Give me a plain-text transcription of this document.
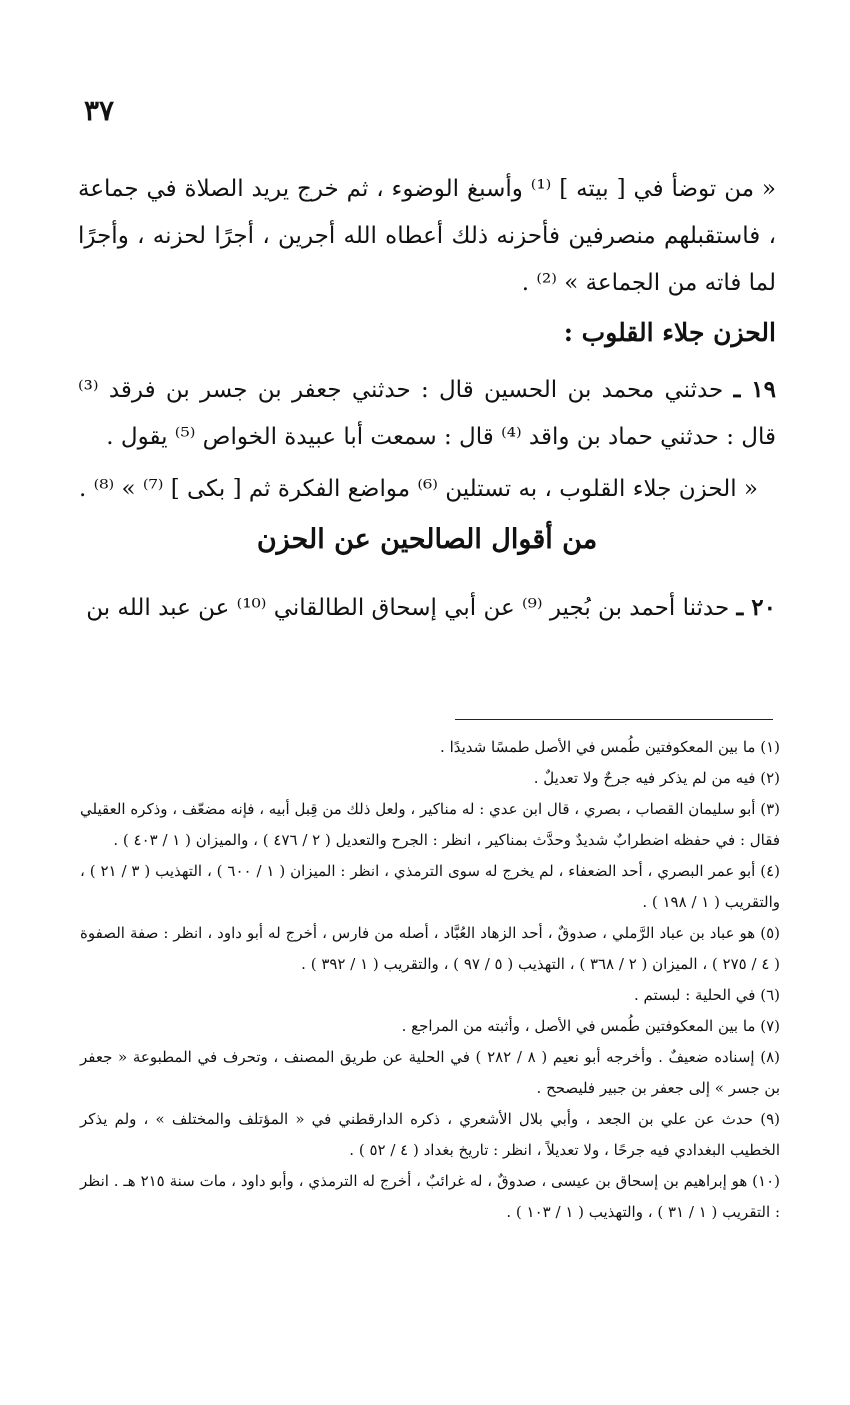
٣٧

« من توضأ في [ بيته ] ⁽¹⁾ وأسبغ الوضوء ، ثم خرج يريد الصلاة في جماعة ، فاستقبلهم منصرفين فأحزنه ذلك أعطاه الله أجرين ، أجرًا لحزنه ، وأجرًا لما فاته من الجماعة » ⁽²⁾ .

الحزن جلاء القلوب :

١٩ ـ حدثني محمد بن الحسين قال : حدثني جعفر بن جسر بن فرقد ⁽³⁾ قال : حدثني حماد بن واقد ⁽⁴⁾ قال : سمعت أبا عبيدة الخواص ⁽⁵⁾ يقول .

« الحزن جلاء القلوب ، به تستلين ⁽⁶⁾ مواضع الفكرة ثم [ بكى ] ⁽⁷⁾ » ⁽⁸⁾ .

من أقوال الصالحين عن الحزن

٢٠ ـ حدثنا أحمد بن بُجير ⁽⁹⁾ عن أبي إسحاق الطالقاني ⁽¹⁰⁾ عن عبد الله بن

(١) ما بين المعكوفتين طُمس في الأصل طمسًا شديدًا .

(٢) فيه من لم يذكر فيه جرحٌ ولا تعديلٌ .

(٣) أبو سليمان القصاب ، بصري ، قال ابن عدي : له مناكير ، ولعل ذلك من قِبل أبيه ، فإنه مضعّف ، وذكره العقيلي فقال : في حفظه اضطرابٌ شديدٌ وحدَّث بمناكير ، انظر : الجرح والتعديل ( ٢ / ٤٧٦ ) ، والميزان ( ١ / ٤٠٣ ) .

(٤) أبو عمر البصري ، أحد الضعفاء ، لم يخرج له سوى الترمذي ، انظر : الميزان ( ١ / ٦٠٠ ) ، التهذيب ( ٣ / ٢١ ) ، والتقريب ( ١ / ١٩٨ ) .

(٥) هو عباد بن عباد الرَّملي ، صدوقٌ ، أحد الزهاد العُبَّاد ، أصله من فارس ، أخرج له أبو داود ، انظر : صفة الصفوة ( ٤ / ٢٧٥ ) ، الميزان ( ٢ / ٣٦٨ ) ، التهذيب ( ٥ / ٩٧ ) ، والتقريب ( ١ / ٣٩٢ ) .

(٦) في الحلية : لبستم .

(٧) ما بين المعكوفتين طُمس في الأصل ، وأثبته من المراجع .

(٨) إسناده ضعيفٌ . وأخرجه أبو نعيم ( ٨ / ٢٨٢ ) في الحلية عن طريق المصنف ، وتحرف في المطبوعة « جعفر بن جسر » إلى جعفر بن جبير فليصحح .

(٩) حدث عن علي بن الجعد ، وأبي بلال الأشعري ، ذكره الدارقطني في « المؤتلف والمختلف » ، ولم يذكر الخطيب البغدادي فيه جرحًا ، ولا تعديلاً ، انظر : تاريخ بغداد ( ٤ / ٥٢ ) .

(١٠) هو إبراهيم بن إسحاق بن عيسى ، صدوقٌ ، له غرائبٌ ، أخرج له الترمذي ، وأبو داود ، مات سنة ٢١٥ هـ . انظر : التقريب ( ١ / ٣١ ) ، والتهذيب ( ١ / ١٠٣ ) .
